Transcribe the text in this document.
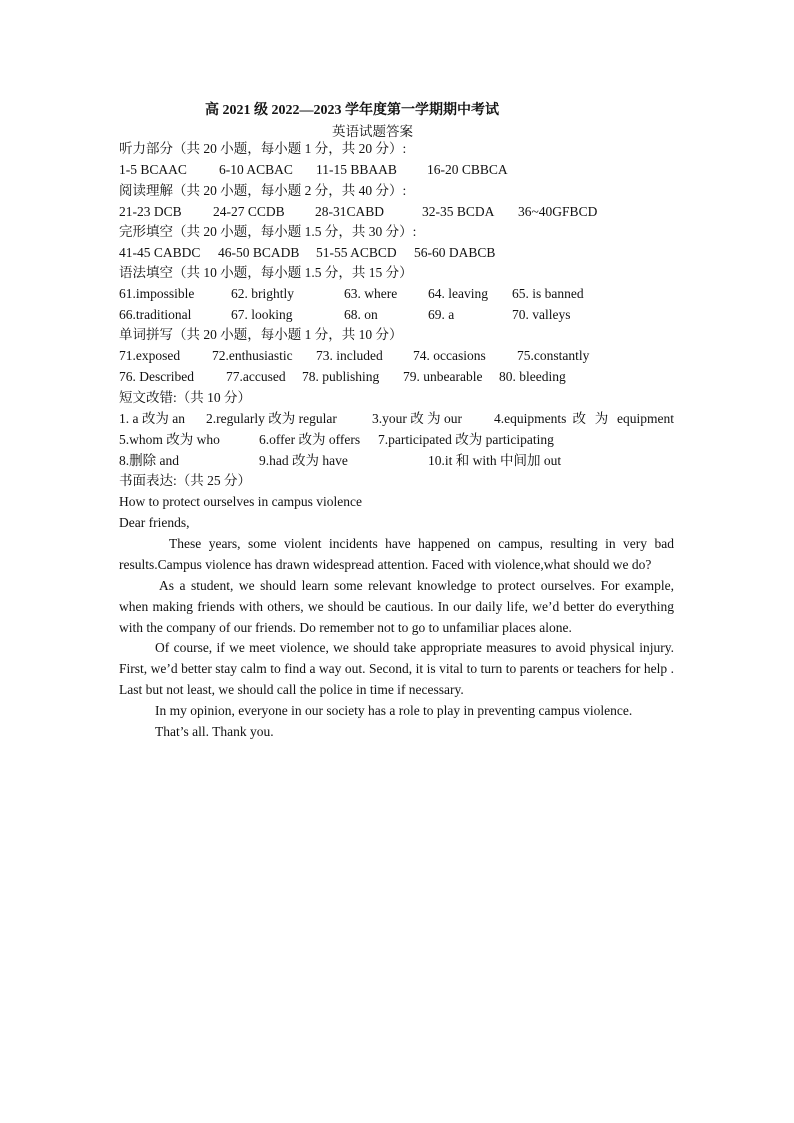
高 2021 级 2022—2023 学年度第一学期期中考试
英语试题答案
听力部分（共 20 小题，每小题 1 分，共 20 分）:
1-5 BCAAC 6-10 ACBAC 11-15 BBAAB 16-20 CBBCA
阅读理解（共 20 小题，每小题 2 分，共 40 分）:
21-23 DCB 24-27 CCDB 28-31CABD	32-35 BCDA 36~40GFBCD
完形填空（共 20 小题，每小题 1.5 分，共 30 分）:
41-45 CABDC 46-50 BCADB 51-55 ACBCD 56-60 DABCB
语法填空（共 10 小题，每小题 1.5 分，共 15 分）
61.impossible	62. brightly	63. where 64. leaving 65. is banned
66.traditional	67. looking	68. on	69. a	70. valleys
单词拼写（共 20 小题，每小题 1 分，共 10 分）
71.exposed 72.enthusiastic 73. included 74. occasions 75.constantly
76. Described 77.accused 78. publishing 79. unbearable 80. bleeding
短文改错:（共 10 分）
1. a 改为 an 2.regularly 改为 regular	3.your 改 为 our 4.equipments 改 为 equipment
5.whom 改为 who	6.offer 改为 offers 7.participated 改为 participating
8.删除 and	9.had 改为 have	10.it 和 with 中间加 out
书面表达:（共 25 分）
How to protect ourselves in campus violence
Dear friends,
These years, some violent incidents have happened on campus, resulting in very bad results.Campus violence has drawn widespread attention. Faced with violence,what should we do?
As a student, we should learn some relevant knowledge to protect ourselves. For example, when making friends with others, we should be cautious. In our daily life, we’d better do everything with the company of our friends. Do remember not to go to unfamiliar places alone.
Of course, if we meet violence, we should take appropriate measures to avoid physical injury. First, we’d better stay calm to find a way out. Second, it is vital to turn to parents or teachers for help . Last but not least, we should call the police in time if necessary.
In my opinion, everyone in our society has a role to play in preventing campus violence.
That’s all. Thank you.
